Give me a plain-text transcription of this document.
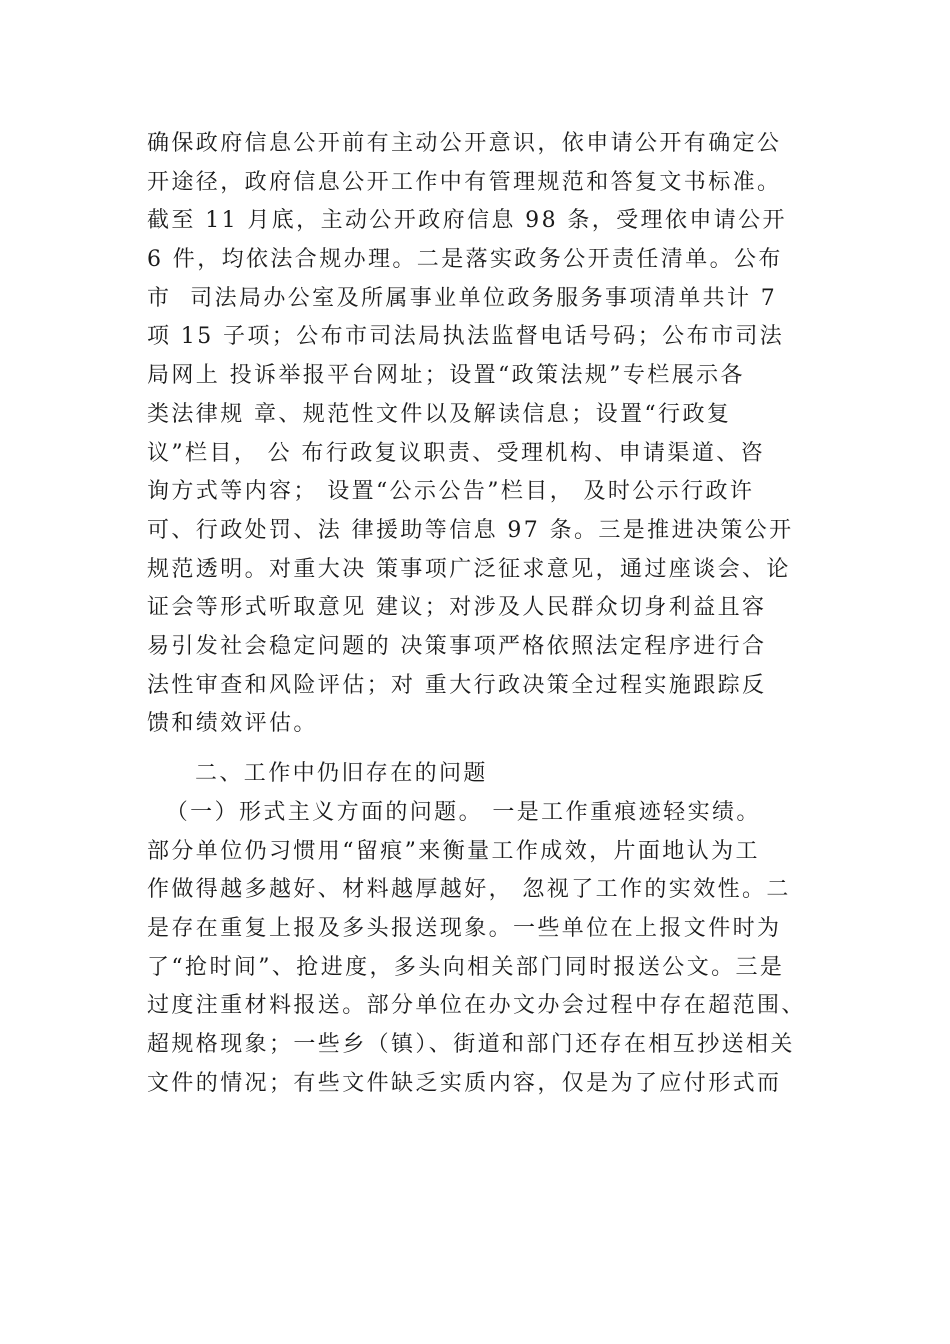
确保政府信息公开前有主动公开意识，依申请公开有确定公
开途径，政府信息公开工作中有管理规范和答复文书标准。
截至 11 月底，主动公开政府信息 98 条，受理依申请公开
6 件，均依法合规办理。二是落实政务公开责任清单。公布
市  司法局办公室及所属事业单位政务服务事项清单共计 7
项 15 子项；公布市司法局执法监督电话号码；公布市司法
局网上 投诉举报平台网址；设置“政策法规”专栏展示各
类法律规 章、规范性文件以及解读信息；设置“行政复
议”栏目， 公 布行政复议职责、受理机构、申请渠道、咨
询方式等内容； 设置“公示公告”栏目， 及时公示行政许
可、行政处罚、法 律援助等信息 97 条。三是推进决策公开
规范透明。对重大决 策事项广泛征求意见，通过座谈会、论
证会等形式听取意见 建议；对涉及人民群众切身利益且容
易引发社会稳定问题的 决策事项严格依照法定程序进行合
法性审查和风险评估；对 重大行政决策全过程实施跟踪反
馈和绩效评估。
二、工作中仍旧存在的问题
（一）形式主义方面的问题。 一是工作重痕迹轻实绩。
部分单位仍习惯用“留痕”来衡量工作成效，片面地认为工
作做得越多越好、材料越厚越好， 忽视了工作的实效性。二
是存在重复上报及多头报送现象。一些单位在上报文件时为
了“抢时间”、抢进度，多头向相关部门同时报送公文。三是
过度注重材料报送。部分单位在办文办会过程中存在超范围、
超规格现象；一些乡（镇）、街道和部门还存在相互抄送相关
文件的情况；有些文件缺乏实质内容，仅是为了应付形式而
